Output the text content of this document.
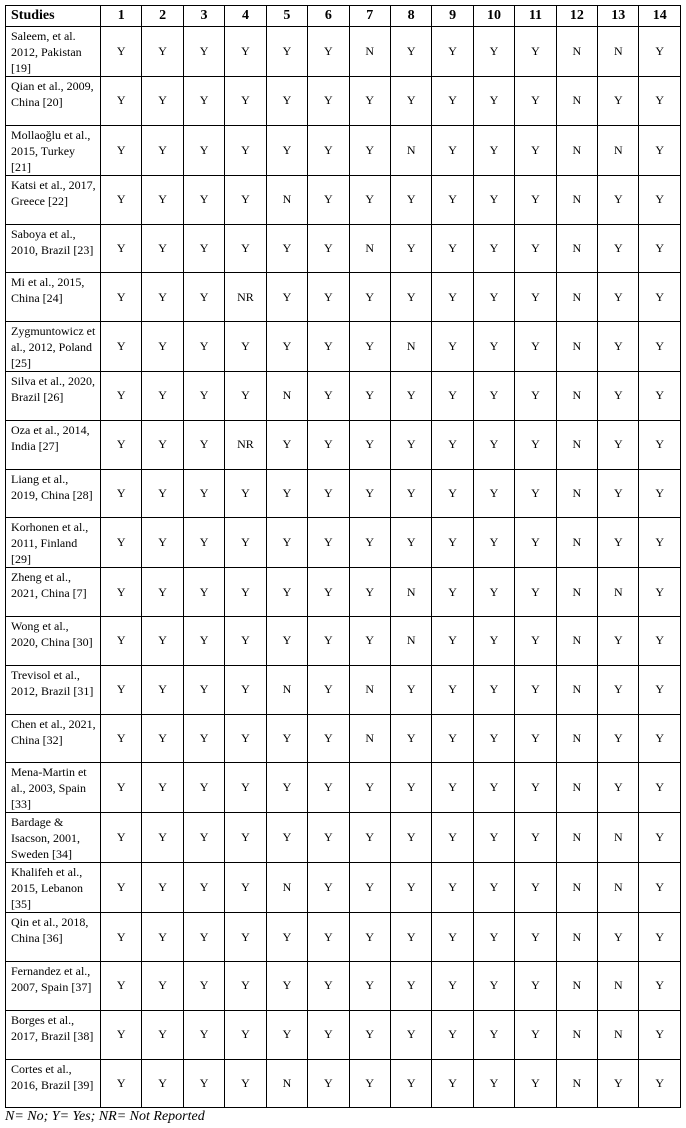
Studies	1	2	3	4	5	6	7	8	9	10	11	12	13	14
Saleem, et al. 2012, Pakistan [19]	Y	Y	Y	Y	Y	Y	N	Y	Y	Y	Y	N	N	Y
Qian et al., 2009, China [20]	Y	Y	Y	Y	Y	Y	Y	Y	Y	Y	Y	N	Y	Y
Mollaoğlu et al., 2015, Turkey [21]	Y	Y	Y	Y	Y	Y	Y	N	Y	Y	Y	N	N	Y
Katsi et al., 2017, Greece [22]	Y	Y	Y	Y	N	Y	Y	Y	Y	Y	Y	N	Y	Y
Saboya et al., 2010, Brazil [23]	Y	Y	Y	Y	Y	Y	N	Y	Y	Y	Y	N	Y	Y
Mi et al., 2015, China [24]	Y	Y	Y	NR	Y	Y	Y	Y	Y	Y	Y	N	Y	Y
Zygmuntowicz et al., 2012, Poland [25]	Y	Y	Y	Y	Y	Y	Y	N	Y	Y	Y	N	Y	Y
Silva et al., 2020, Brazil [26]	Y	Y	Y	Y	N	Y	Y	Y	Y	Y	Y	N	Y	Y
Oza et al., 2014, India [27]	Y	Y	Y	NR	Y	Y	Y	Y	Y	Y	Y	N	Y	Y
Liang et al., 2019, China [28]	Y	Y	Y	Y	Y	Y	Y	Y	Y	Y	Y	N	Y	Y
Korhonen et al., 2011, Finland [29]	Y	Y	Y	Y	Y	Y	Y	Y	Y	Y	Y	N	Y	Y
Zheng et al., 2021, China [7]	Y	Y	Y	Y	Y	Y	Y	N	Y	Y	Y	N	N	Y
Wong et al., 2020, China [30]	Y	Y	Y	Y	Y	Y	Y	N	Y	Y	Y	N	Y	Y
Trevisol et al., 2012, Brazil [31]	Y	Y	Y	Y	N	Y	N	Y	Y	Y	Y	N	Y	Y
Chen et al., 2021, China [32]	Y	Y	Y	Y	Y	Y	N	Y	Y	Y	Y	N	Y	Y
Mena-Martin et al., 2003, Spain [33]	Y	Y	Y	Y	Y	Y	Y	Y	Y	Y	Y	N	Y	Y
Bardage & Isacson, 2001, Sweden [34]	Y	Y	Y	Y	Y	Y	Y	Y	Y	Y	Y	N	N	Y
Khalifeh et al., 2015, Lebanon [35]	Y	Y	Y	Y	N	Y	Y	Y	Y	Y	Y	N	N	Y
Qin et al., 2018, China [36]	Y	Y	Y	Y	Y	Y	Y	Y	Y	Y	Y	N	Y	Y
Fernandez et al., 2007, Spain [37]	Y	Y	Y	Y	Y	Y	Y	Y	Y	Y	Y	N	N	Y
Borges et al., 2017, Brazil [38]	Y	Y	Y	Y	Y	Y	Y	Y	Y	Y	Y	N	N	Y
Cortes et al., 2016, Brazil [39]	Y	Y	Y	Y	N	Y	Y	Y	Y	Y	Y	N	Y	Y
N= No; Y= Yes; NR= Not Reported
